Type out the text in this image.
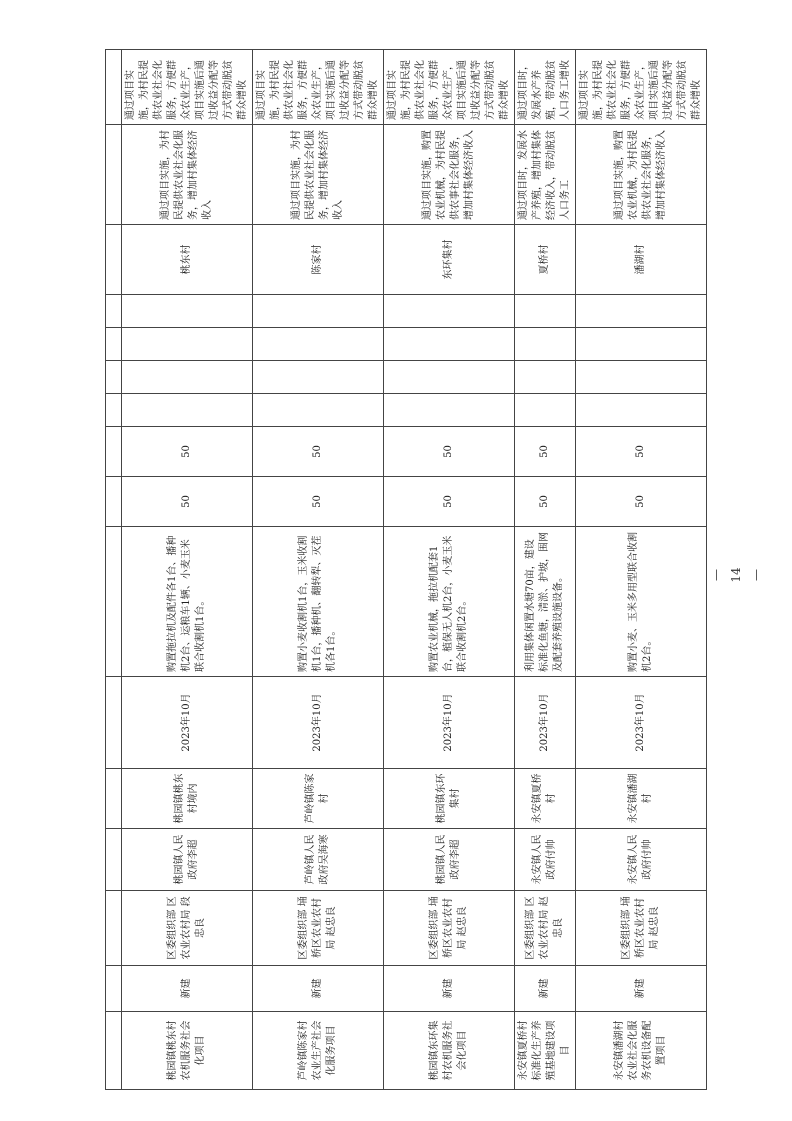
桃园镇桃东村农机服务社会化项目	新建	区委组织部 区农业农村局 段忠良	桃园镇人民政府李超	桃园镇桃东村境内	2023年10月	购置拖拉机及配件各1台、播种机2台、运粮车1辆、小麦玉米联合收割机1台。	50	50					桃东村	通过项目实施，为村民提供农业社会化服务，增加村集体经济收入	通过项目实施，为村民提供农业社会化服务，方便群众农业生产，项目实施后通过收益分配等方式带动脱贫群众增收
芦岭镇陈家村农业生产社会化服务项目	新建	区委组织部 埇桥区农业农村局 赵忠良	芦岭镇人民政府吴海寒	芦岭镇陈家村	2023年10月	购置小麦收割机1台，玉米收割机1台，播种机、翻转犁、灭茬机各1台。	50	50					陈家村	通过项目实施，为村民提供农业社会化服务，增加村集体经济收入	通过项目实施，为村民提供农业社会化服务，方便群众农业生产，项目实施后通过收益分配等方式带动脱贫群众增收
桃园镇东环集村农机服务社会化项目	新建	区委组织部 埇桥区农业农村局 赵忠良	桃园镇人民政府李超	桃园镇东环集村	2023年10月	购置农业机械，拖拉机配套1台，植保无人机2台，小麦玉米联合收割机2台。	50	50					东环集村	通过项目实施，购置农业机械，为村民提供农事社会化服务，增加村集体经济收入	通过项目实施，为村民提供农业社会化服务，方便群众农业生产，项目实施后通过收益分配等方式带动脱贫群众增收
永安镇夏桥村标准化生产养殖基地建设项目	新建	区委组织部 区农业农村局 赵忠良	永安镇人民政府付帅	永安镇夏桥村	2023年10月	利用集体闲置水塘70亩，建设标准化鱼塘，清淤、护坡，围网及配套养殖设施设备。	50	50					夏桥村	通过项目时，发展水产养殖，增加村集体经济收入，带动脱贫人口务工	通过项目时，发展水产养殖，带动脱贫人口务工增收
永安镇潘湖村农业社会化服务农机设备配置项目	新建	区委组织部 埇桥区农业农村局 赵忠良	永安镇人民政府付帅	永安镇潘湖村	2023年10月	购置小麦、玉米多用型联合收割机2台。	50	50					潘湖村	通过项目实施，购置农业机械，为村民提供农业社会化服务，增加村集体经济收入	通过项目实施，为村民提供农业社会化服务，方便群众农业生产，项目实施后通过收益分配等方式带动脱贫群众增收
— 14 —
